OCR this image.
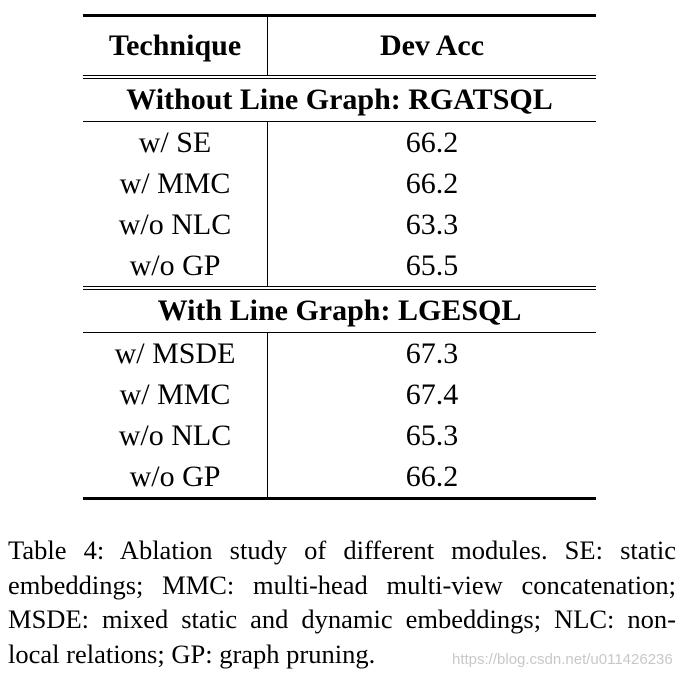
Technique	Dev Acc
Without Line Graph: RGATSQL	
w/ SE	66.2
w/ MMC	66.2
w/o NLC	63.3
w/o GP	65.5
With Line Graph: LGESQL	
w/ MSDE	67.3
w/ MMC	67.4
w/o NLC	65.3
w/o GP	66.2
Table 4: Ablation study of different modules. SE: static embeddings; MMC: multi-head multi-view concatenation; MSDE: mixed static and dynamic embeddings; NLC: non-local relations; GP: graph pruning.	https://blog.csdn.net/u011426236
